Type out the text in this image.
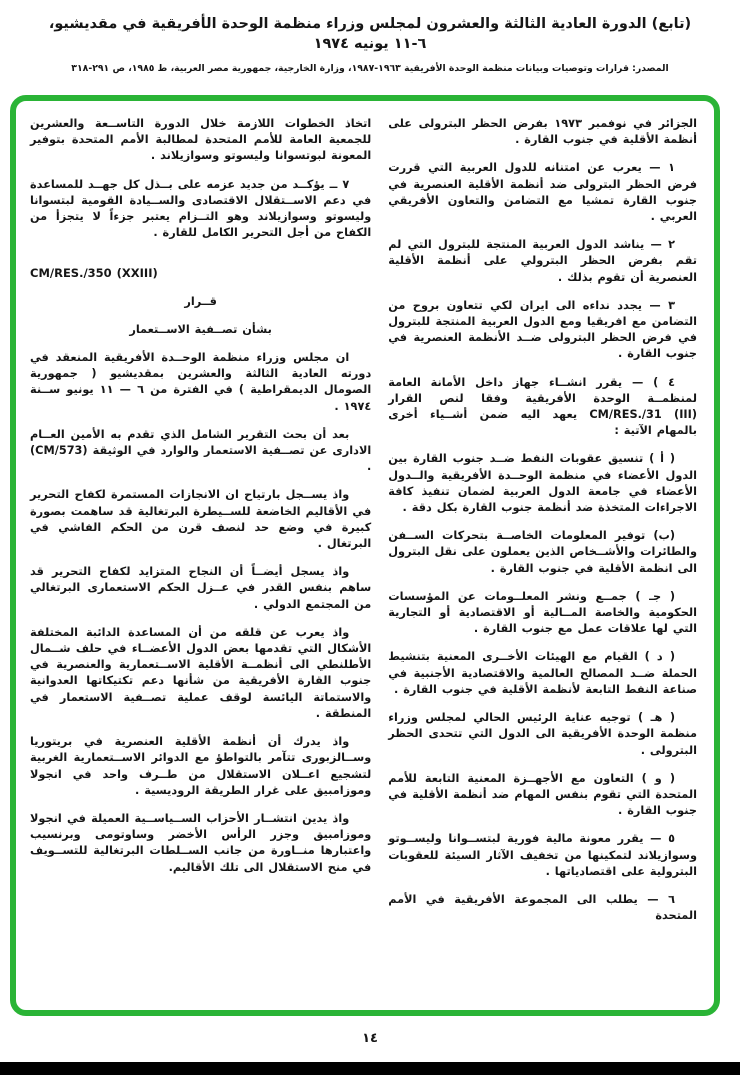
(تابع) الدورة العادية الثالثة والعشرون لمجلس وزراء منظمة الوحدة الأفريقية في مقديشيو، ٦-١١ يونيه ١٩٧٤
المصدر: قرارات وتوصيات وبيانات منظمة الوحدة الأفريقية ١٩٦٣-١٩٨٧، وزارة الخارجية، جمهورية مصر العربية، ط ١٩٨٥، ص ٢٩١-٣١٨

الجزائر في نوفمبر ١٩٧٣ بفرض الحظر البترولى على أنظمة الأقلية في جنوب القارة .

١ — يعرب عن امتنانه للدول العربية التي قررت فرض الحظر البترولى ضد أنظمة الأقلية العنصرية في جنوب القارة تمشيا مع التضامن والتعاون الأفريقي العربي .

٢ — يناشد الدول العربية المنتجة للبترول التي لم تقم بفرض الحظر البترولي على أنظمة الأقلية العنصرية أن تقوم بذلك .

٣ — يجدد نداءه الى ايران لكي تتعاون بروح من التضامن مع افريقيا ومع الدول العربية المنتجة للبترول في فرض الحظر البترولى ضــد الأنظمة العنصرية في جنوب القارة .

٤ ) — يقرر انشــاء جهاز داخل الأمانة العامة لمنظمــة الوحدة الأفريقية وفقا لنص القرار CM/RES./31 (III) يعهد اليه ضمن أشــياء أخرى بالمهام الآتية :

( أ ) تنسيق عقوبات النفط ضــد جنوب القارة بين الدول الأعضاء في منظمة الوحــدة الأفريقية والــدول الأعضاء في جامعة الدول العربية لضمان تنفيذ كافة الاجراءات المتخذة ضد أنظمة جنوب القارة بكل دقة .

(ب) توفير المعلومات الخاصــة بتحركات الســفن والطائرات والأشــخاص الذين يعملون على نقل البترول الى انظمة الأقلية في جنوب القارة .

( جـ ) جمــع ونشر المعلــومات عن المؤسسات الحكومية والخاصة المــالية أو الاقتصادية أو التجارية التي لها علاقات عمل مع جنوب القارة .

( د ) القيام مع الهيئات الأخــرى المعنية بتنشيط الحملة ضــد المصالح العالمية والاقتصادية الأجنبية في صناعة النفط التابعة لأنظمة الأقلية في جنوب القارة .

( هـ ) توجيه عناية الرئيس الحالي لمجلس وزراء منظمة الوحدة الأفريقية الى الدول التي تتحدى الحظر البترولى .

( و ) التعاون مع الأجهــزة المعنية التابعة للأمم المتحدة التي تقوم بنفس المهام ضد أنظمة الأقلية في جنوب القارة .

٥ — يقرر معونة مالية فورية لبتســوانا وليســوتو وسوازيلاند لتمكينها من تخفيف الآثار السيئة للعقوبات البترولية على اقتصادياتها .

٦ — يطلب الى المجموعة الأفريقية في الأمم المتحدة

اتخاذ الخطوات اللازمة خلال الدورة التاســعة والعشرين للجمعية العامة للأمم المتحدة لمطالبة الأمم المتحدة بتوفير المعونة لبوتسوانا وليسوتو وسوازيلاند .

٧ ــ يؤكــد من جديد عزمه على بــذل كل جهــد للمساعدة في دعم الاســتقلال الاقتصادى والســيادة القومية لبتسوانا وليسوتو وسوازيلاند وهو التــزام يعتبر جزءاً لا يتجزأ من الكفاح من أجل التحرير الكامل للقارة .

CM/RES./350 (XXIII)

قــرار

بشأن تصــفية الاســتعمار

ان مجلس وزراء منظمة الوحــدة الأفريقية المنعقد في دورته العادية الثالثة والعشرين بمقديشيو ( جمهورية الصومال الديمقراطية ) في الفترة من ٦ — ١١ يونيو ســنة ١٩٧٤ .

بعد أن بحث التقرير الشامل الذي تقدم به الأمين العــام الادارى عن تصــفية الاستعمار والوارد في الوثيقة (CM/573) .

واذ يســجل بارتياح ان الانجازات المستمرة لكفاح التحرير في الأقاليم الخاضعة للســيطرة البرتغالية قد ساهمت بصورة كبيرة في وضع حد لنصف قرن من الحكم الفاشي في البرتغال .

واذ يسجل أيضــاً أن النجاح المتزايد لكفاح التحرير قد ساهم بنفس القدر في عــزل الحكم الاستعمارى البرتغالي من المجتمع الدولي .

واذ يعرب عن قلقه من أن المساعدة الدائبة المختلفة الأشكال التي تقدمها بعض الدول الأعضــاء في حلف شــمال الأطلنطي الى أنظمــة الأقلية الاســتعمارية والعنصرية في جنوب القارة الأفريقية من شأنها دعم تكتيكاتها العدوانية والاستماتة اليائسة لوقف عملية تصــفية الاستعمار في المنطقة .

واذ يدرك أن أنظمة الأقلية العنصرية في بريتوريا وســالزبورى تتآمر بالتواطؤ مع الدوائر الاســتعمارية الغربية لتشجيع اعــلان الاستقلال من طــرف واحد في انجولا وموزامبيق على غرار الطريقة الروديسية .

واذ يدين انتشــار الأحزاب الســياســية العميلة في انجولا وموزامبيق وجزر الرأس الأخضر وساوتومى وبرنسيب واعتبارها منــاورة من جانب الســلطات البرتغالية للتســويف في منح الاستقلال الى تلك الأقاليم.

١٤
